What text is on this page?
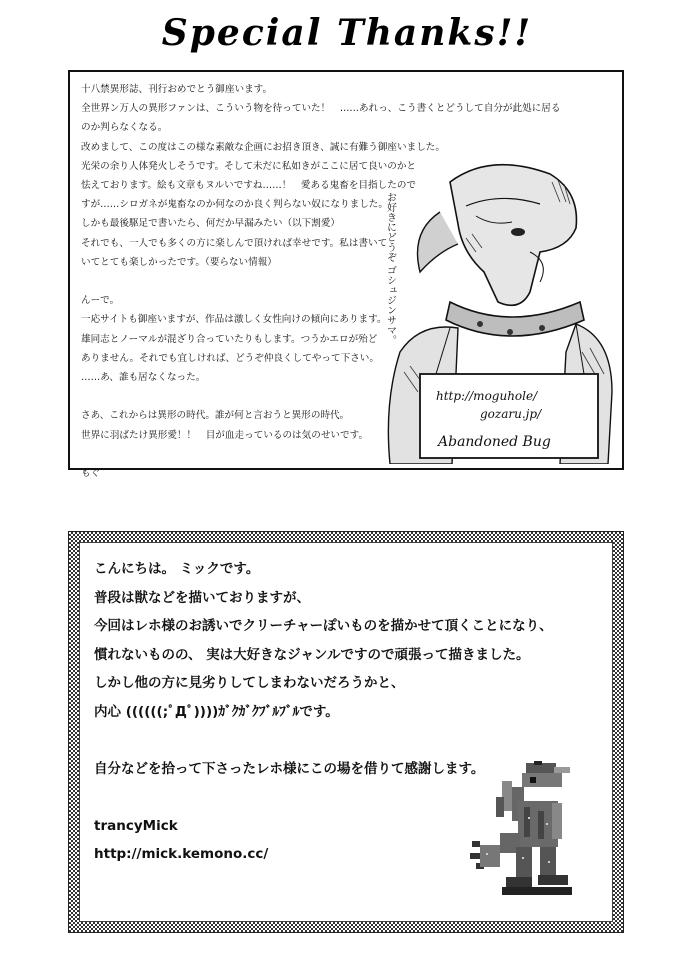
Special Thanks!!
十八禁異形誌、刊行おめでとう御座います。
全世界ン万人の異形ファンは、こういう物を待っていた！　……あれっ、こう書くとどうして自分が此処に居る
のか判らなくなる。
改めまして、この度はこの様な素敵な企画にお招き頂き、誠に有難う御座いました。
光栄の余り人体発火しそうです。そして未だに私如きがここに居て良いのかと
怯えております。絵も文章もヌルいですね……！　愛ある鬼畜を目指したので
すが……シロガネが鬼畜なのか何なのか良く判らない奴になりました。
しかも最後駆足で書いたら、何だか早漏みたい（以下割愛）
それでも、一人でも多くの方に楽しんで頂ければ幸せです。私は書いて
いてとても楽しかったです。（要らない情報）

んーで。
一応サイトも御座いますが、作品は激しく女性向けの傾向にあります。
雄同志とノーマルが混ざり合っていたりもします。つうかエロが殆ど
ありません。それでも宜しければ、どうぞ仲良くしてやって下さい。
……あ、誰も居なくなった。

さあ、これからは異形の時代。誰が何と言おうと異形の時代。
世界に羽ばたけ異形愛！！　目が血走っているのは気のせいです。

もぐ
http://moguhole/
gozaru.jp/
Abandoned Bug
お好きにどうぞ ゴシュジンサマ。
こんにちは。 ミックです。
普段は獣などを描いておりますが、
今回はレホ様のお誘いでクリーチャーぽいものを描かせて頂くことになり、
慣れないものの、 実は大好きなジャンルですので頑張って描きました。
しかし他の方に見劣りしてしまわないだろうかと、
内心 ((((((;ﾟДﾟ))))ｶﾞｸｶﾞｸﾌﾞﾙﾌﾞﾙです。

自分などを拾って下さったレホ様にこの場を借りて感謝します。

trancyMick
http://mick.kemono.cc/
